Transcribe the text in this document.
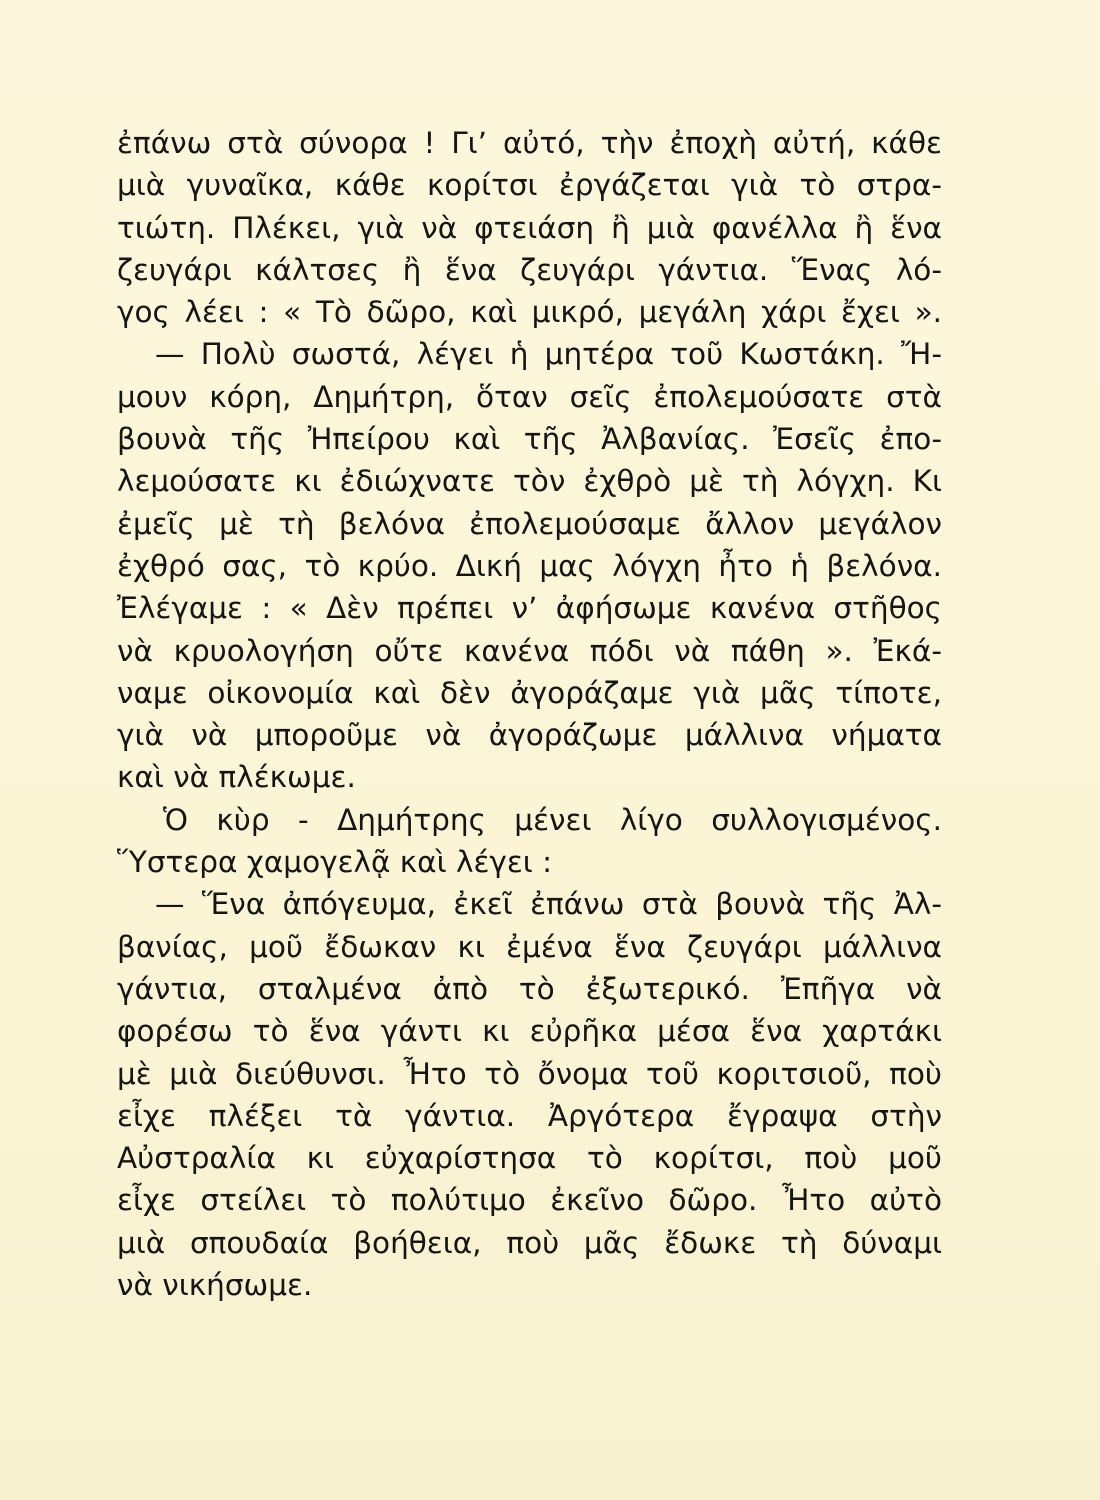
ἐπάνω στὰ σύνορα ! Γι’ αὐτό, τὴν ἐποχὴ αὐτή, κάθε
μιὰ γυναῖκα, κάθε κορίτσι ἐργάζεται γιὰ τὸ στρα-
τιώτη. Πλέκει, γιὰ νὰ φτειάση ἢ μιὰ φανέλλα ἢ ἕνα
ζευγάρι κάλτσες ἢ ἕνα ζευγάρι γάντια. Ἕνας λό-
γος λέει : « Τὸ δῶρο, καὶ μικρό, μεγάλη χάρι ἔχει ».
— Πολὺ σωστά, λέγει ἡ μητέρα τοῦ Κωστάκη. Ἤ-
μουν κόρη, Δημήτρη, ὅταν σεῖς ἐπολεμούσατε στὰ
βουνὰ τῆς Ἠπείρου καὶ τῆς Ἀλβανίας. Ἐσεῖς ἐπο-
λεμούσατε κι ἐδιώχνατε τὸν ἐχθρὸ μὲ τὴ λόγχη. Κι
ἐμεῖς μὲ τὴ βελόνα ἐπολεμούσαμε ἄλλον μεγάλον
ἐχθρό σας, τὸ κρύο. Δική μας λόγχη ἦτο ἡ βελόνα.
Ἐλέγαμε : « Δὲν πρέπει ν’ ἀφήσωμε κανένα στῆθος
νὰ κρυολογήση οὔτε κανένα πόδι νὰ πάθη ». Ἐκά-
ναμε οἰκονομία καὶ δὲν ἀγοράζαμε γιὰ μᾶς τίποτε,
γιὰ νὰ μποροῦμε νὰ ἀγοράζωμε μάλλινα νήματα
καὶ νὰ πλέκωμε.
Ὁ κὺρ - Δημήτρης μένει λίγο συλλογισμένος.
Ὕστερα χαμογελᾷ καὶ λέγει :
— Ἕνα ἀπόγευμα, ἐκεῖ ἐπάνω στὰ βουνὰ τῆς Ἀλ-
βανίας, μοῦ ἔδωκαν κι ἐμένα ἕνα ζευγάρι μάλλινα
γάντια, σταλμένα ἀπὸ τὸ ἐξωτερικό. Ἐπῆγα νὰ
φορέσω τὸ ἕνα γάντι κι εὐρῆκα μέσα ἕνα χαρτάκι
μὲ μιὰ διεύθυνσι. Ἦτο τὸ ὄνομα τοῦ κοριτσιοῦ, ποὺ
εἶχε πλέξει τὰ γάντια. Ἀργότερα ἔγραψα στὴν
Αὐστραλία κι εὐχαρίστησα τὸ κορίτσι, ποὺ μοῦ
εἶχε στείλει τὸ πολύτιμο ἐκεῖνο δῶρο. Ἦτο αὐτὸ
μιὰ σπουδαία βοήθεια, ποὺ μᾶς ἔδωκε τὴ δύναμι
νὰ νικήσωμε.
